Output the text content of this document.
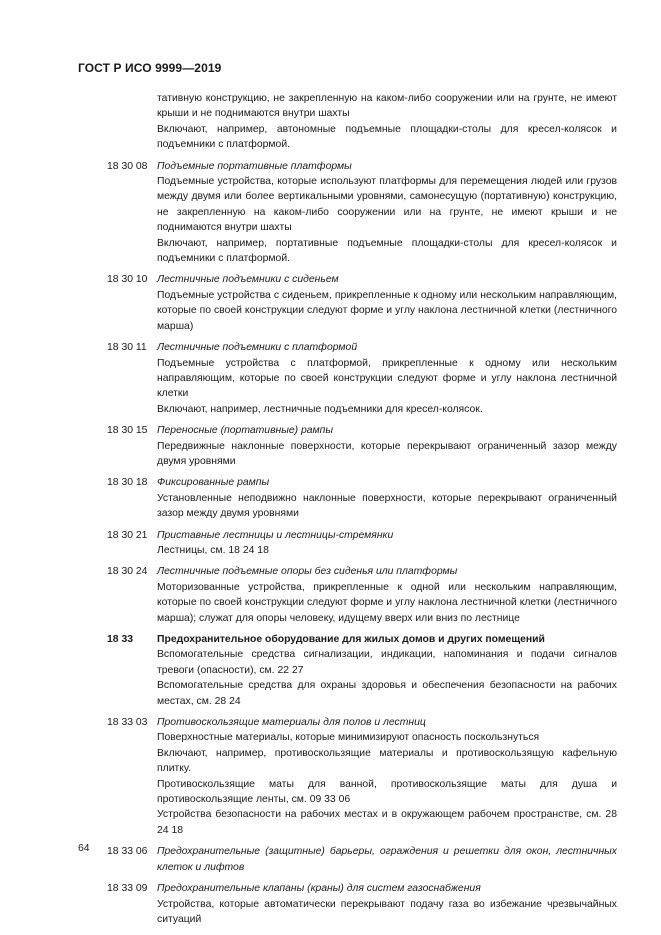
ГОСТ Р ИСО 9999—2019
тативную конструкцию, не закрепленную на каком-либо сооружении или на грунте, не имеют крыши и не поднимаются внутри шахты
Включают, например, автономные подъемные площадки-столы для кресел-колясок и подъемники с платформой.
18 30 08 Подъемные портативные платформы
Подъемные устройства, которые используют платформы для перемещения людей или грузов между двумя или более вертикальными уровнями, самонесущую (портативную) конструкцию, не закрепленную на каком-либо сооружении или на грунте, не имеют крыши и не поднимаются внутри шахты
Включают, например, портативные подъемные площадки-столы для кресел-колясок и подъемники с платформой.
18 30 10 Лестничные подъемники с сиденьем
Подъемные устройства с сиденьем, прикрепленные к одному или нескольким направляющим, которые по своей конструкции следуют форме и углу наклона лестничной клетки (лестничного марша)
18 30 11 Лестничные подъемники с платформой
Подъемные устройства с платформой, прикрепленные к одному или нескольким направляющим, которые по своей конструкции следуют форме и углу наклона лестничной клетки
Включают, например, лестничные подъемники для кресел-колясок.
18 30 15 Переносные (портативные) рампы
Передвижные наклонные поверхности, которые перекрывают ограниченный зазор между двумя уровнями
18 30 18 Фиксированные рампы
Установленные неподвижно наклонные поверхности, которые перекрывают ограниченный зазор между двумя уровнями
18 30 21 Приставные лестницы и лестницы-стремянки
Лестницы, см. 18 24 18
18 30 24 Лестничные подъемные опоры без сиденья или платформы
Моторизованные устройства, прикрепленные к одной или нескольким направляющим, которые по своей конструкции следуют форме и углу наклона лестничной клетки (лестничного марша); служат для опоры человеку, идущему вверх или вниз по лестнице
18 33	Предохранительное оборудование для жилых домов и других помещений
Вспомогательные средства сигнализации, индикации, напоминания и подачи сигналов тревоги (опасности), см. 22 27
Вспомогательные средства для охраны здоровья и обеспечения безопасности на рабочих местах, см. 28 24
18 33 03 Противоскользящие материалы для полов и лестниц
Поверхностные материалы, которые минимизируют опасность поскользнуться
Включают, например, противоскользящие материалы и противоскользящую кафельную плитку.
Противоскользящие маты для ванной, противоскользящие маты для душа и противоскользящие ленты, см. 09 33 06
Устройства безопасности на рабочих местах и в окружающем рабочем пространстве, см. 28 24 18
18 33 06 Предохранительные (защитные) барьеры, ограждения и решетки для окон, лестничных клеток и лифтов
18 33 09 Предохранительные клапаны (краны) для систем газоснабжения
Устройства, которые автоматически перекрывают подачу газа во избежание чрезвычайных ситуаций
64
